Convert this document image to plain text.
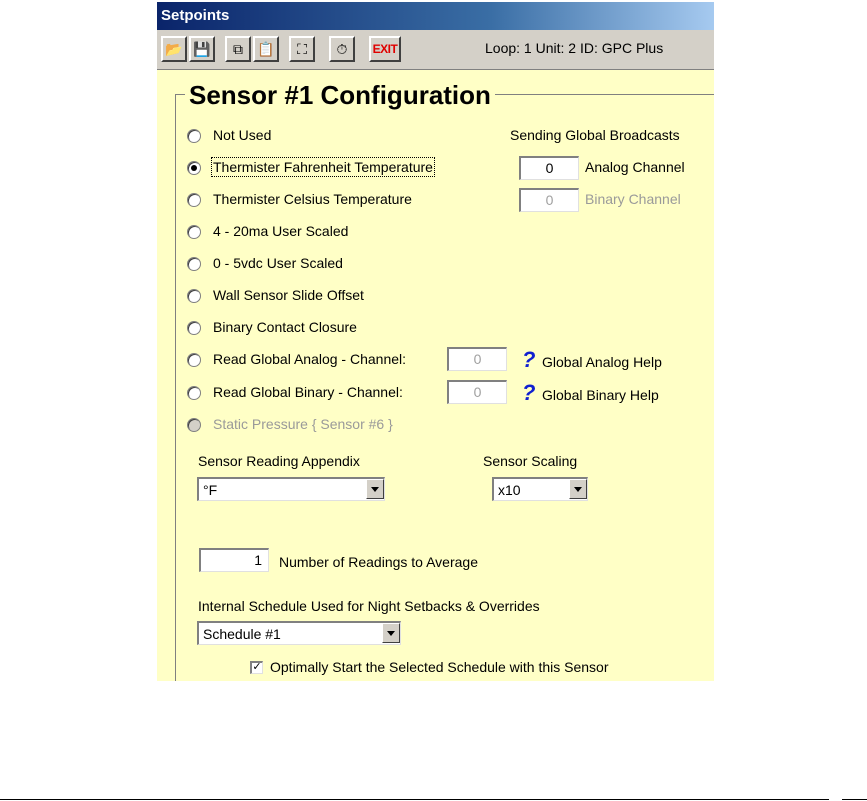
Setpoints
📂 💾	⧉	📋	⛶	⏱	EXIT	Loop: 1 Unit: 2 ID: GPC Plus
Sensor #1 Configuration
Not Used
Thermister Fahrenheit Temperature
Thermister Celsius Temperature
4 - 20ma User Scaled
0 - 5vdc User Scaled
Wall Sensor Slide Offset
Binary Contact Closure
Read Global Analog - Channel:	0	? Global Analog Help
Read Global Binary - Channel:	0	? Global Binary Help
Static Pressure { Sensor #6 }
Sending Global Broadcasts
0	Analog Channel
0	Binary Channel
Sensor Reading Appendix
°F
Sensor Scaling
x10
1	Number of Readings to Average
Internal Schedule Used for Night Setbacks & Overrides
Schedule #1
✓ Optimally Start the Selected Schedule with this Sensor
